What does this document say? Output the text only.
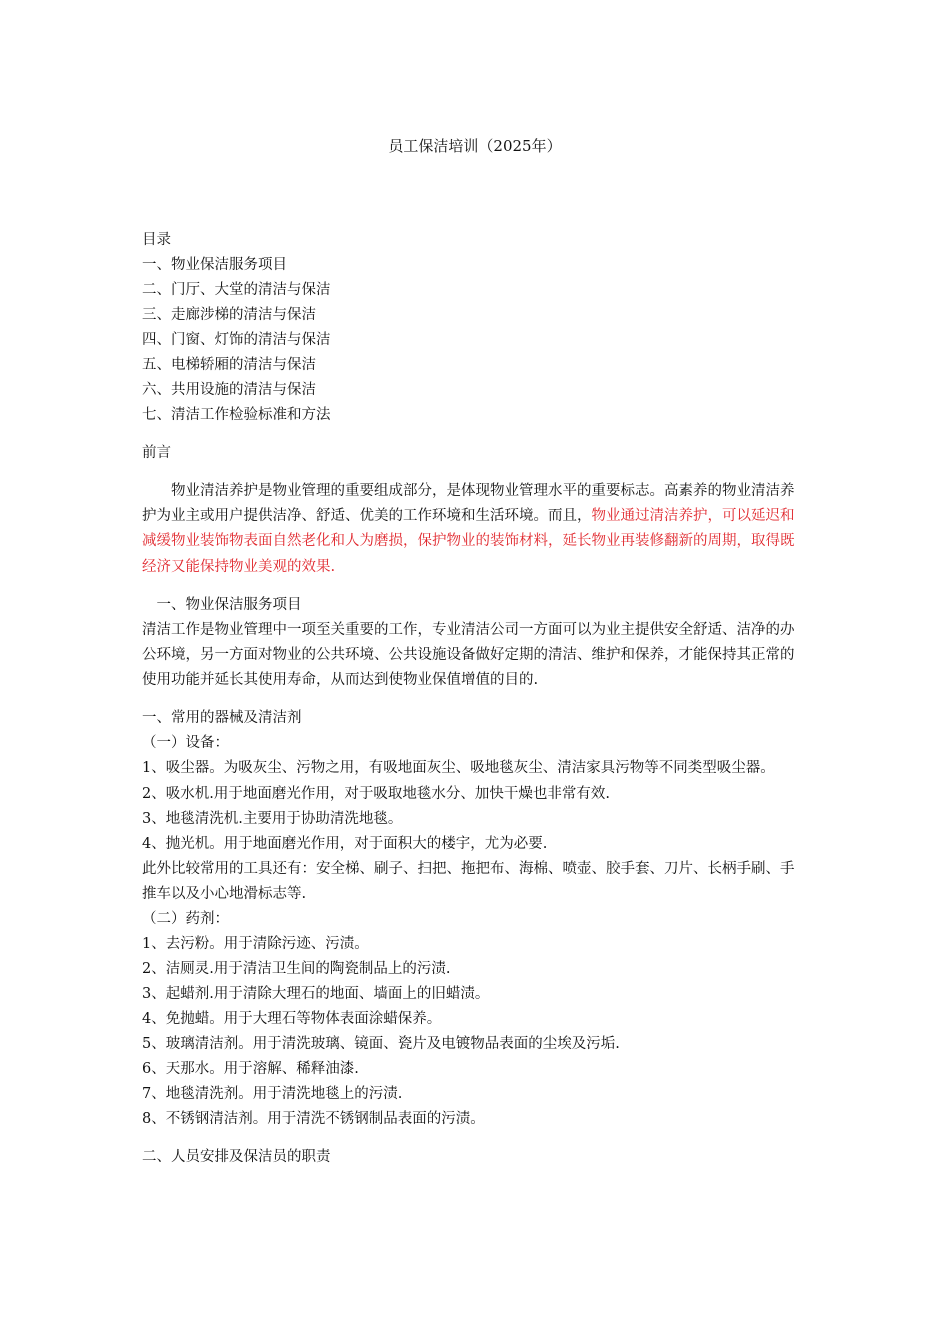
员工保洁培训（2025年）
目录
一、物业保洁服务项目
二、门厅、大堂的清洁与保洁
三、走廊涉梯的清洁与保洁
四、门窗、灯饰的清洁与保洁
五、电梯轿厢的清洁与保洁
六、共用设施的清洁与保洁
七、清洁工作检验标准和方法
前言
物业清洁养护是物业管理的重要组成部分，是体现物业管理水平的重要标志。高素养的物业清洁养护为业主或用户提供洁净、舒适、优美的工作环境和生活环境。而且，物业通过清洁养护，可以延迟和减缓物业装饰物表面自然老化和人为磨损，保护物业的装饰材料，延长物业再装修翻新的周期，取得既经济又能保持物业美观的效果.
一、物业保洁服务项目
清洁工作是物业管理中一项至关重要的工作，专业清洁公司一方面可以为业主提供安全舒适、洁净的办公环境，另一方面对物业的公共环境、公共设施设备做好定期的清洁、维护和保养，才能保持其正常的使用功能并延长其使用寿命，从而达到使物业保值增值的目的.
一、常用的器械及清洁剂
（一）设备：
1、吸尘器。为吸灰尘、污物之用，有吸地面灰尘、吸地毯灰尘、清洁家具污物等不同类型吸尘器。
2、吸水机.用于地面磨光作用，对于吸取地毯水分、加快干燥也非常有效.
3、地毯清洗机.主要用于协助清洗地毯。
4、抛光机。用于地面磨光作用，对于面积大的楼宇，尤为必要.
此外比较常用的工具还有：安全梯、刷子、扫把、拖把布、海棉、喷壶、胶手套、刀片、长柄手刷、手推车以及小心地滑标志等.
（二）药剂：
1、去污粉。用于清除污迹、污渍。
2、洁厕灵.用于清洁卫生间的陶瓷制品上的污渍.
3、起蜡剂.用于清除大理石的地面、墙面上的旧蜡渍。
4、免抛蜡。用于大理石等物体表面涂蜡保养。
5、玻璃清洁剂。用于清洗玻璃、镜面、瓷片及电镀物品表面的尘埃及污垢.
6、天那水。用于溶解、稀释油漆.
7、地毯清洗剂。用于清洗地毯上的污渍.
8、不锈钢清洁剂。用于清洗不锈钢制品表面的污渍。
二、人员安排及保洁员的职责
